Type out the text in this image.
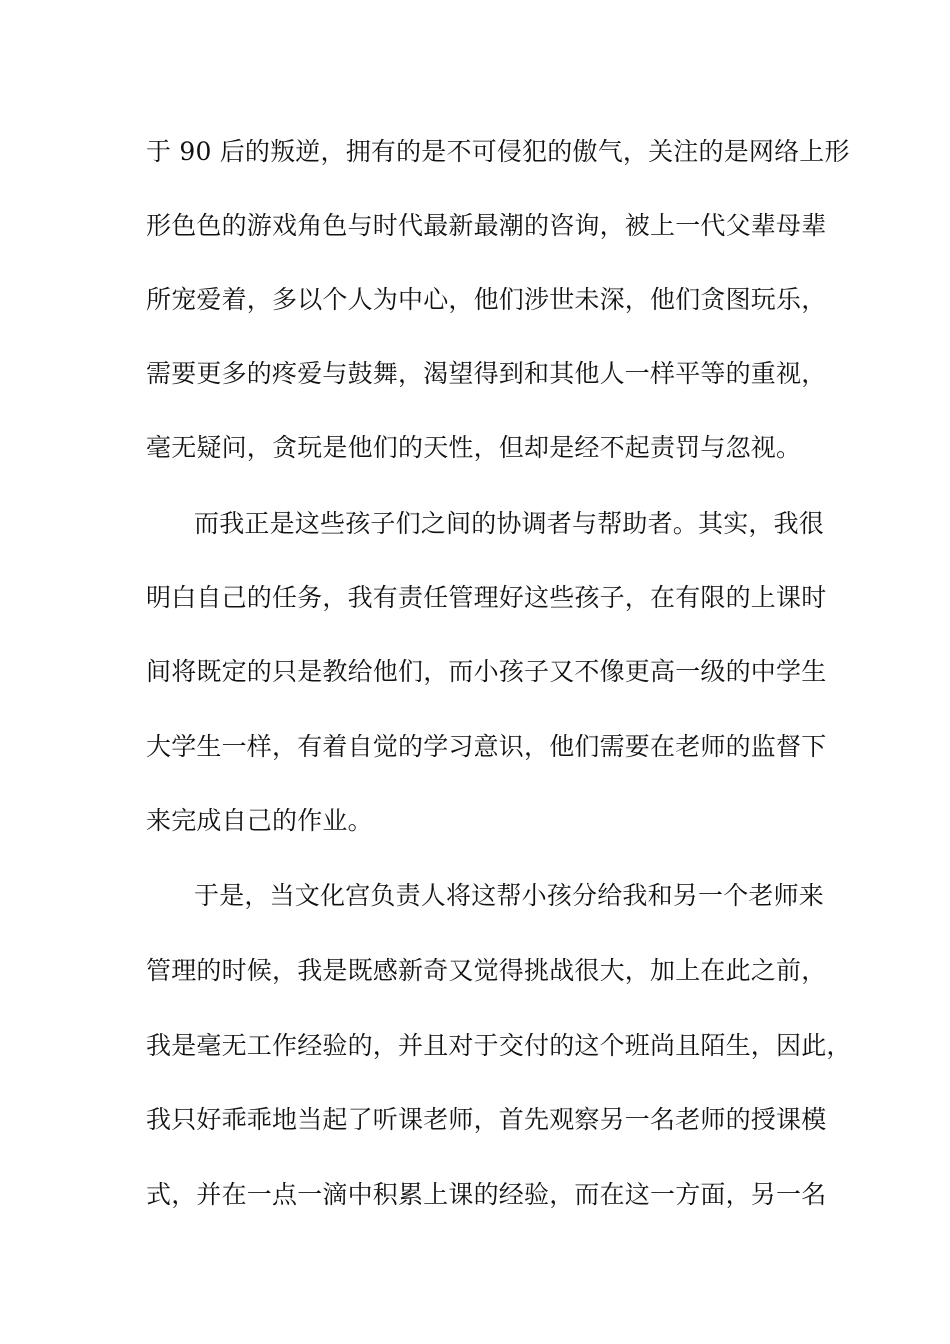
于 90 后的叛逆，拥有的是不可侵犯的傲气，关注的是网络上形
形色色的游戏角色与时代最新最潮的咨询，被上一代父辈母辈
所宠爱着，多以个人为中心，他们涉世未深，他们贪图玩乐，
需要更多的疼爱与鼓舞，渴望得到和其他人一样平等的重视，
毫无疑问，贪玩是他们的天性，但却是经不起责罚与忽视。
而我正是这些孩子们之间的协调者与帮助者。其实，我很
明白自己的任务，我有责任管理好这些孩子，在有限的上课时
间将既定的只是教给他们，而小孩子又不像更高一级的中学生
大学生一样，有着自觉的学习意识，他们需要在老师的监督下
来完成自己的作业。
于是，当文化宫负责人将这帮小孩分给我和另一个老师来
管理的时候，我是既感新奇又觉得挑战很大，加上在此之前，
我是毫无工作经验的，并且对于交付的这个班尚且陌生，因此，
我只好乖乖地当起了听课老师，首先观察另一名老师的授课模
式，并在一点一滴中积累上课的经验，而在这一方面，另一名
